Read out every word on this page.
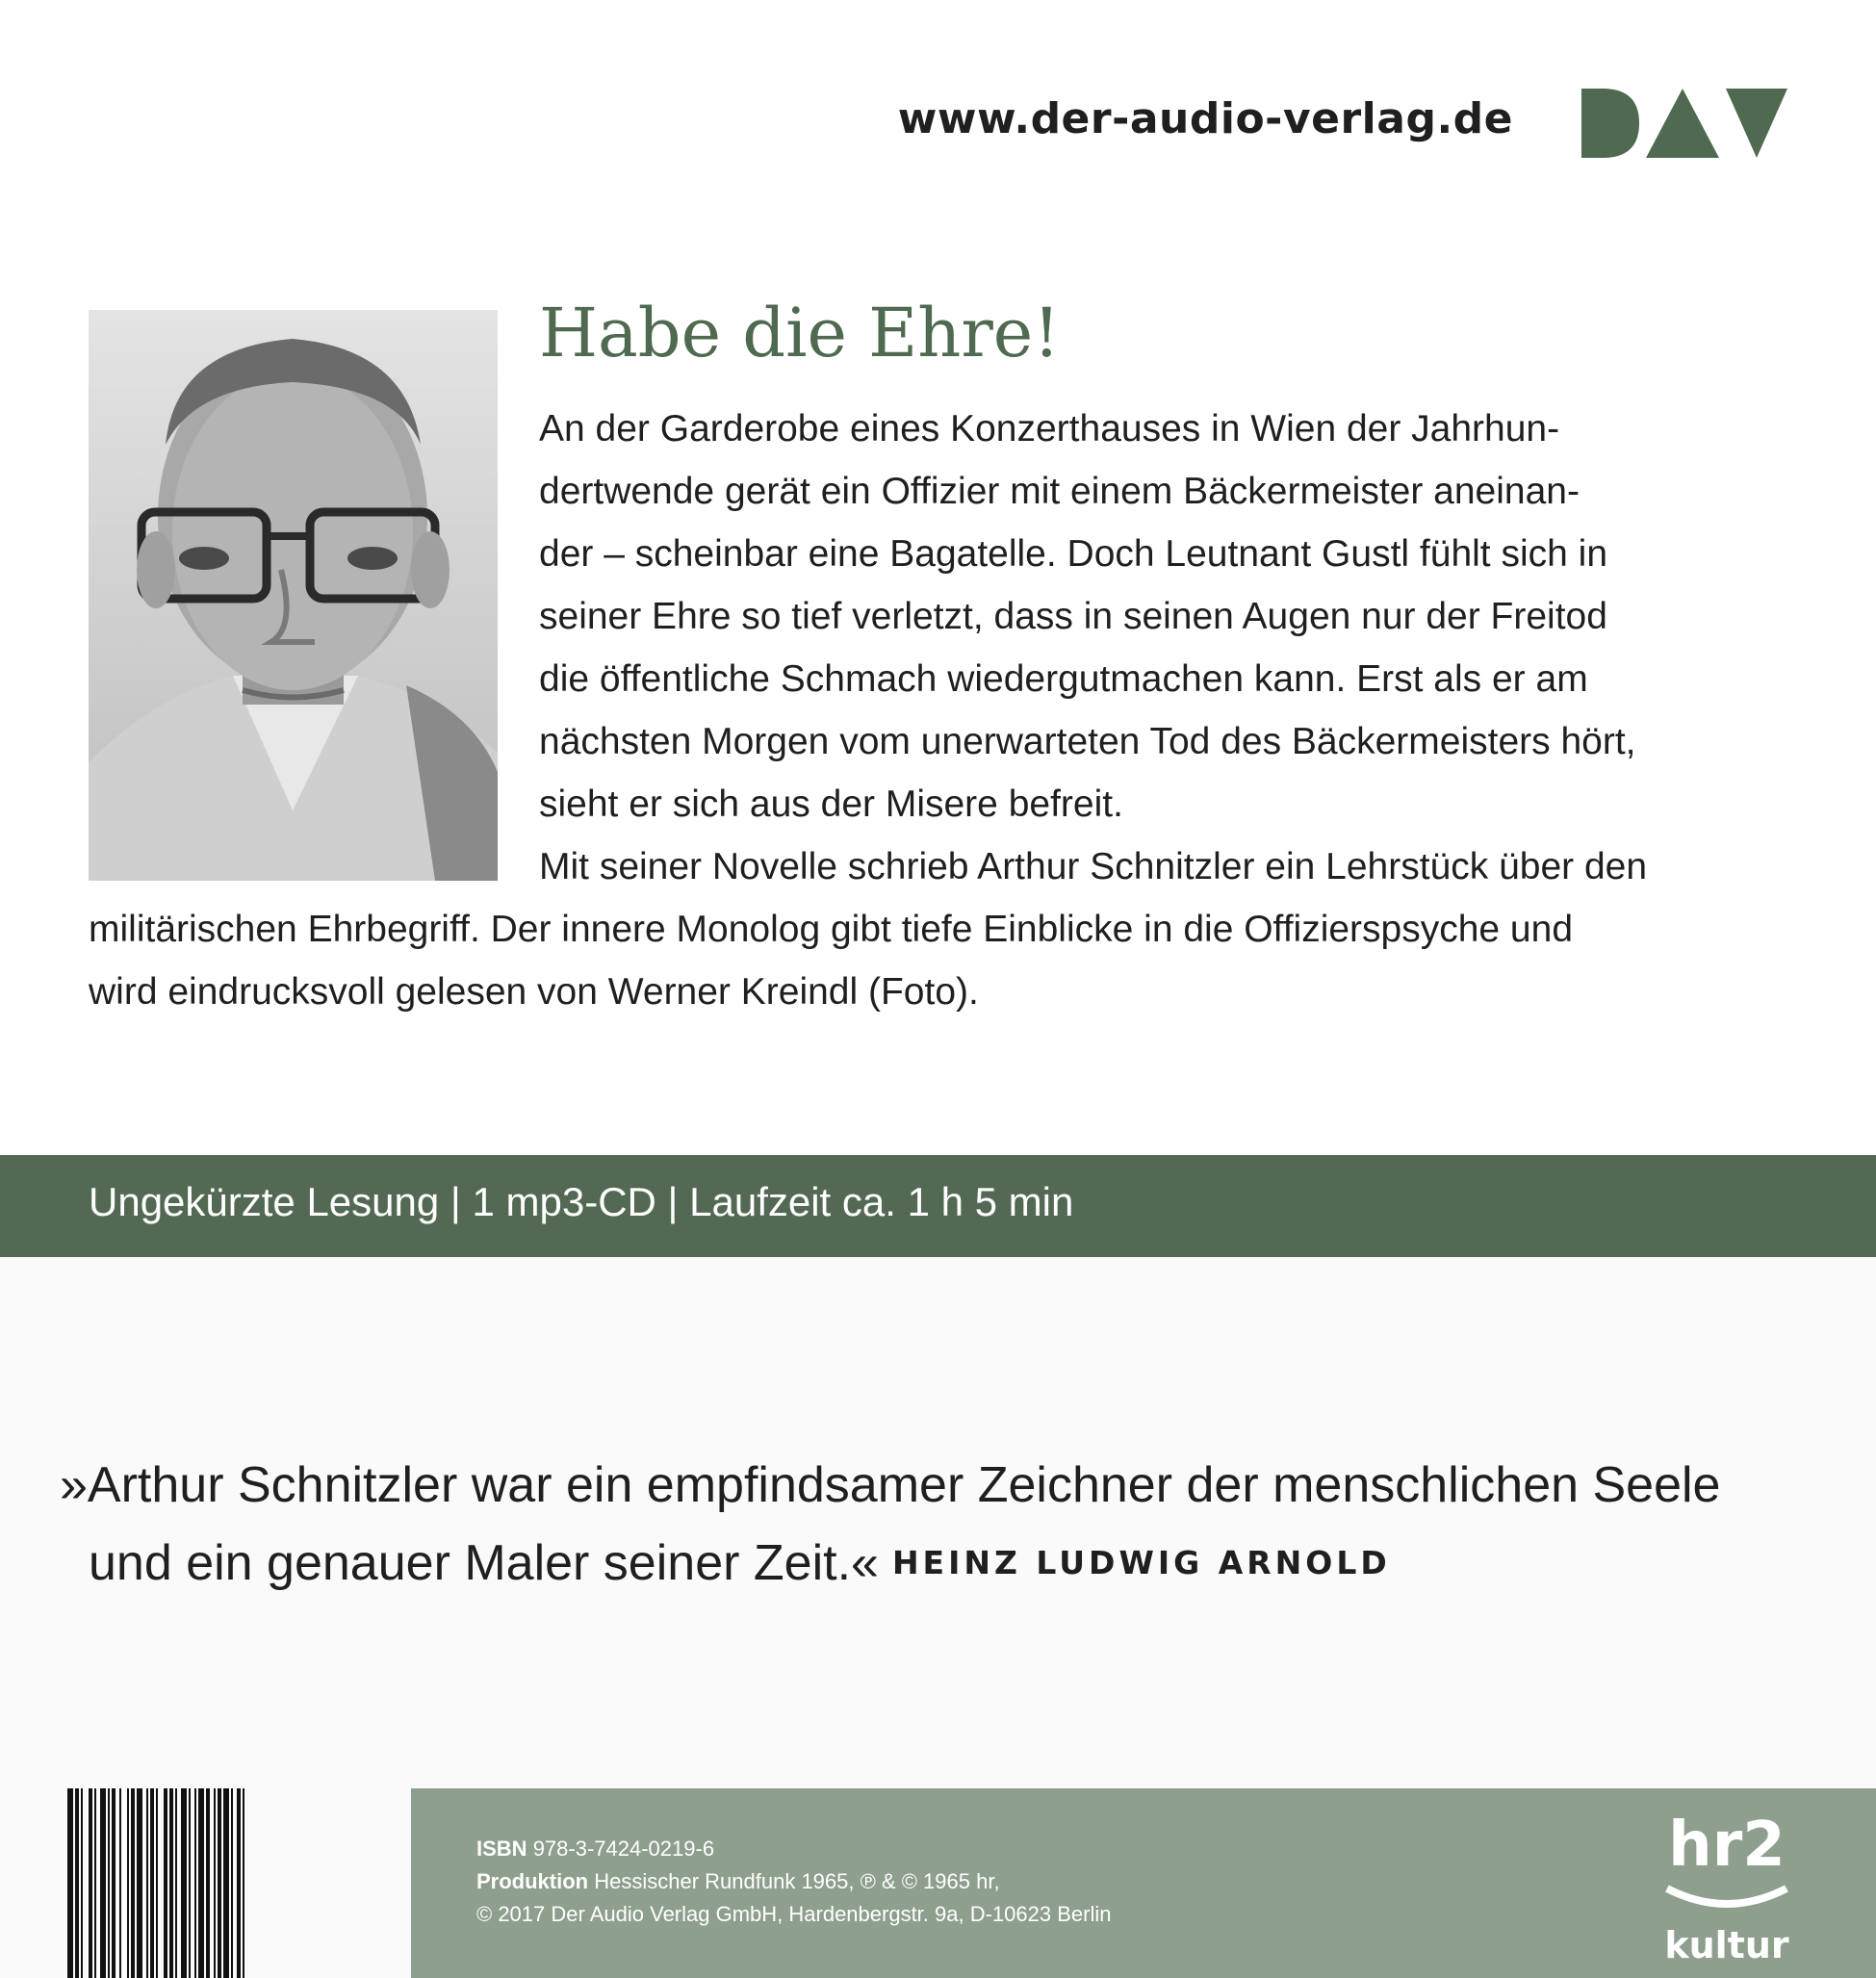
www.der-audio-verlag.de
Habe die Ehre!
An der Garderobe eines Konzerthauses in Wien der Jahrhun-
dertwende gerät ein Offizier mit einem Bäckermeister aneinan-
der – scheinbar eine Bagatelle. Doch Leutnant Gustl fühlt sich in
seiner Ehre so tief verletzt, dass in seinen Augen nur der Freitod
die öffentliche Schmach wiedergutmachen kann. Erst als er am
nächsten Morgen vom unerwarteten Tod des Bäckermeisters hört,
sieht er sich aus der Misere befreit.
Mit seiner Novelle schrieb Arthur Schnitzler ein Lehrstück über den
militärischen Ehrbegriff. Der innere Monolog gibt tiefe Einblicke in die Offizierspsyche und
wird eindrucksvoll gelesen von Werner Kreindl (Foto).
Ungekürzte Lesung | 1 mp3-CD | Laufzeit ca. 1 h 5 min
»Arthur Schnitzler war ein empfindsamer Zeichner der menschlichen Seele
und ein genauer Maler seiner Zeit.« HEINZ LUDWIG ARNOLD
ISBN 978-3-7424-0219-6
Produktion Hessischer Rundfunk 1965, ℗ & © 1965 hr,
© 2017 Der Audio Verlag GmbH, Hardenbergstr. 9a, D-10623 Berlin
hr2
kultur
